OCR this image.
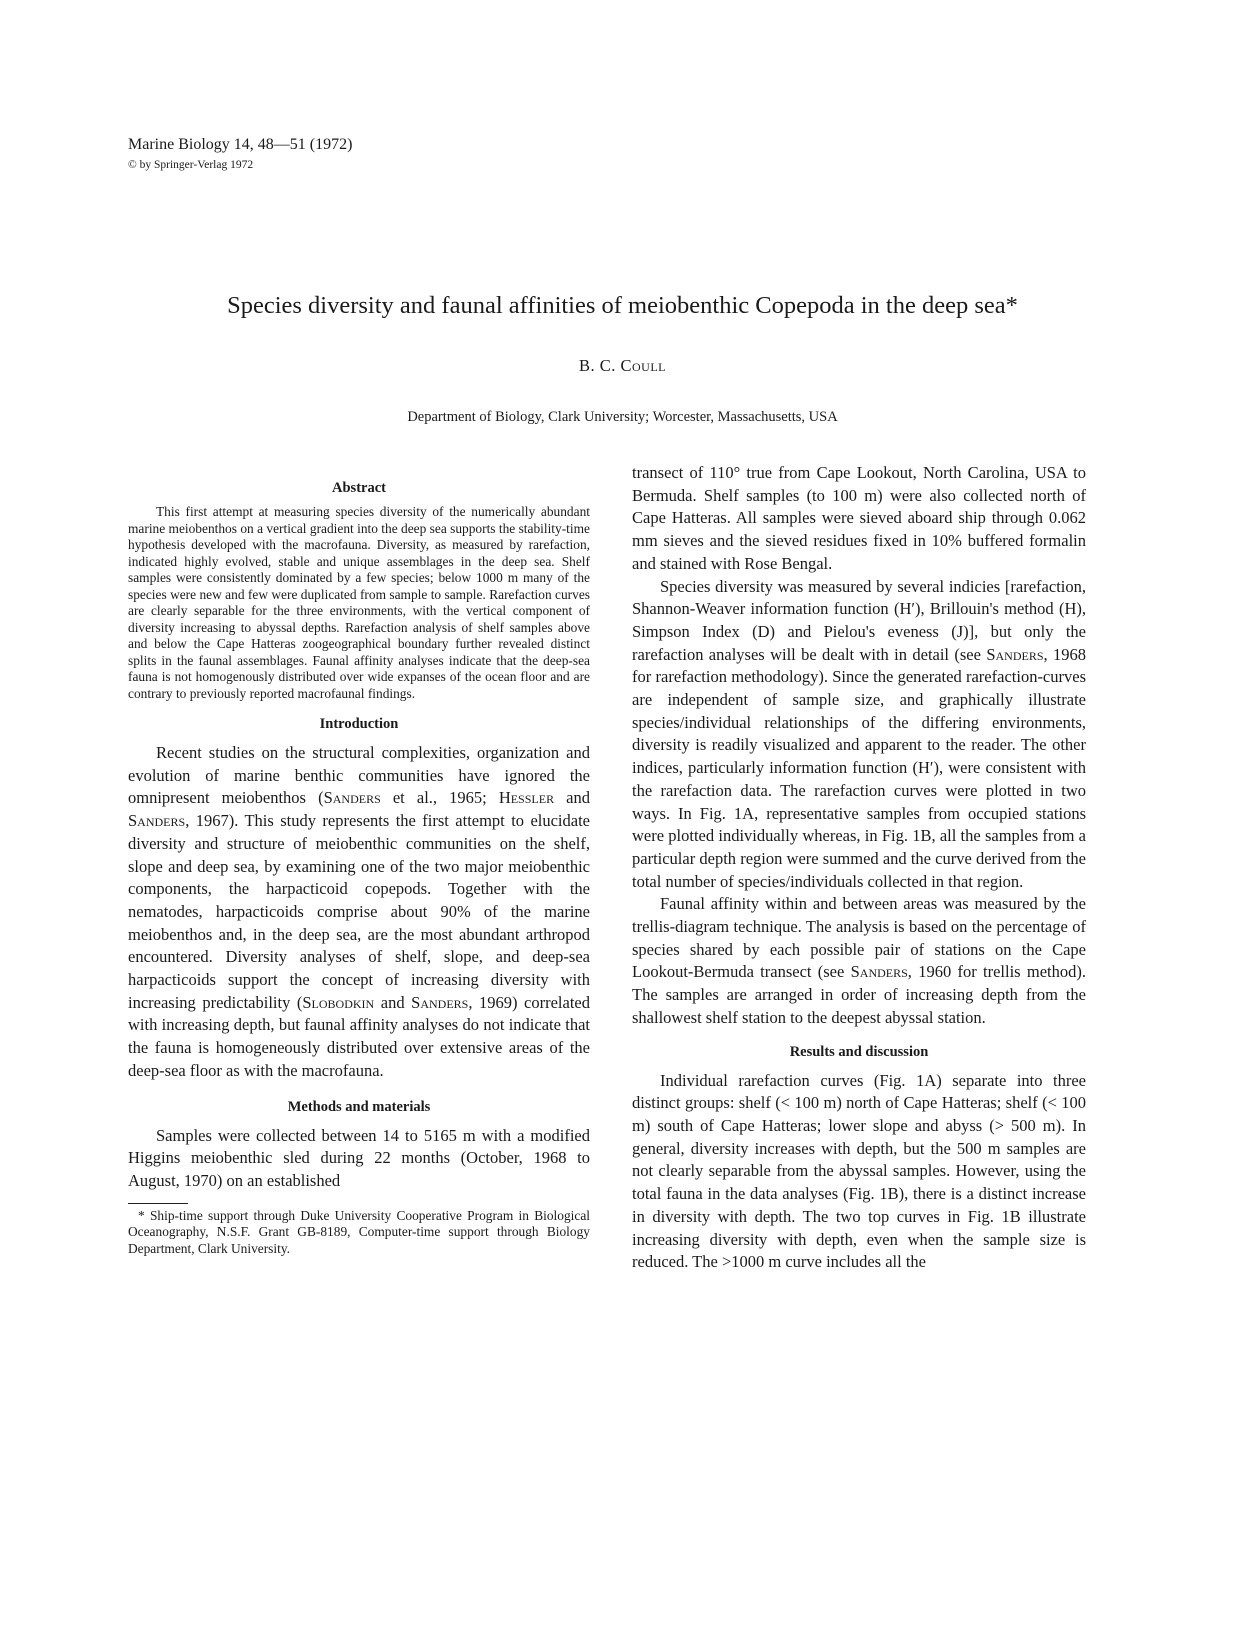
Marine Biology 14, 48—51 (1972)
© by Springer-Verlag 1972
Species diversity and faunal affinities of meiobenthic Copepoda in the deep sea*
B. C. Coull
Department of Biology, Clark University; Worcester, Massachusetts, USA
Abstract

This first attempt at measuring species diversity of the numerically abundant marine meiobenthos on a vertical gradient into the deep sea supports the stability-time hypothesis developed with the macrofauna. Diversity, as measured by rarefaction, indicated highly evolved, stable and unique assemblages in the deep sea. Shelf samples were consistently dominated by a few species; below 1000 m many of the species were new and few were duplicated from sample to sample. Rarefaction curves are clearly separable for the three environments, with the vertical component of diversity increasing to abyssal depths. Rarefaction analysis of shelf samples above and below the Cape Hatteras zoogeographical boundary further revealed distinct splits in the faunal assemblages. Faunal affinity analyses indicate that the deep-sea fauna is not homogenously distributed over wide expanses of the ocean floor and are contrary to previously reported macrofaunal findings.

Introduction

Recent studies on the structural complexities, organization and evolution of marine benthic communities have ignored the omnipresent meiobenthos (Sanders et al., 1965; Hessler and Sanders, 1967). This study represents the first attempt to elucidate diversity and structure of meiobenthic communities on the shelf, slope and deep sea, by examining one of the two major meiobenthic components, the harpacticoid copepods. Together with the nematodes, harpacticoids comprise about 90% of the marine meiobenthos and, in the deep sea, are the most abundant arthropod encountered. Diversity analyses of shelf, slope, and deep-sea harpacticoids support the concept of increasing diversity with increasing predictability (Slobodkin and Sanders, 1969) correlated with increasing depth, but faunal affinity analyses do not indicate that the fauna is homogeneously distributed over extensive areas of the deep-sea floor as with the macrofauna.

Methods and materials

Samples were collected between 14 to 5165 m with a modified Higgins meiobenthic sled during 22 months (October, 1968 to August, 1970) on an established

* Ship-time support through Duke University Cooperative Program in Biological Oceanography, N.S.F. Grant GB-8189, Computer-time support through Biology Department, Clark University.

transect of 110° true from Cape Lookout, North Carolina, USA to Bermuda. Shelf samples (to 100 m) were also collected north of Cape Hatteras. All samples were sieved aboard ship through 0.062 mm sieves and the sieved residues fixed in 10% buffered formalin and stained with Rose Bengal.

Species diversity was measured by several indicies [rarefaction, Shannon-Weaver information function (H′), Brillouin's method (H), Simpson Index (D) and Pielou's eveness (J)], but only the rarefaction analyses will be dealt with in detail (see Sanders, 1968 for rarefaction methodology). Since the generated rarefaction-curves are independent of sample size, and graphically illustrate species/individual relationships of the differing environments, diversity is readily visualized and apparent to the reader. The other indices, particularly information function (H′), were consistent with the rarefaction data. The rarefaction curves were plotted in two ways. In Fig. 1A, representative samples from occupied stations were plotted individually whereas, in Fig. 1B, all the samples from a particular depth region were summed and the curve derived from the total number of species/individuals collected in that region.

Faunal affinity within and between areas was measured by the trellis-diagram technique. The analysis is based on the percentage of species shared by each possible pair of stations on the Cape Lookout-Bermuda transect (see Sanders, 1960 for trellis method). The samples are arranged in order of increasing depth from the shallowest shelf station to the deepest abyssal station.

Results and discussion

Individual rarefaction curves (Fig. 1A) separate into three distinct groups: shelf (< 100 m) north of Cape Hatteras; shelf (< 100 m) south of Cape Hatteras; lower slope and abyss (> 500 m). In general, diversity increases with depth, but the 500 m samples are not clearly separable from the abyssal samples. However, using the total fauna in the data analyses (Fig. 1B), there is a distinct increase in diversity with depth. The two top curves in Fig. 1B illustrate increasing diversity with depth, even when the sample size is reduced. The >1000 m curve includes all the
